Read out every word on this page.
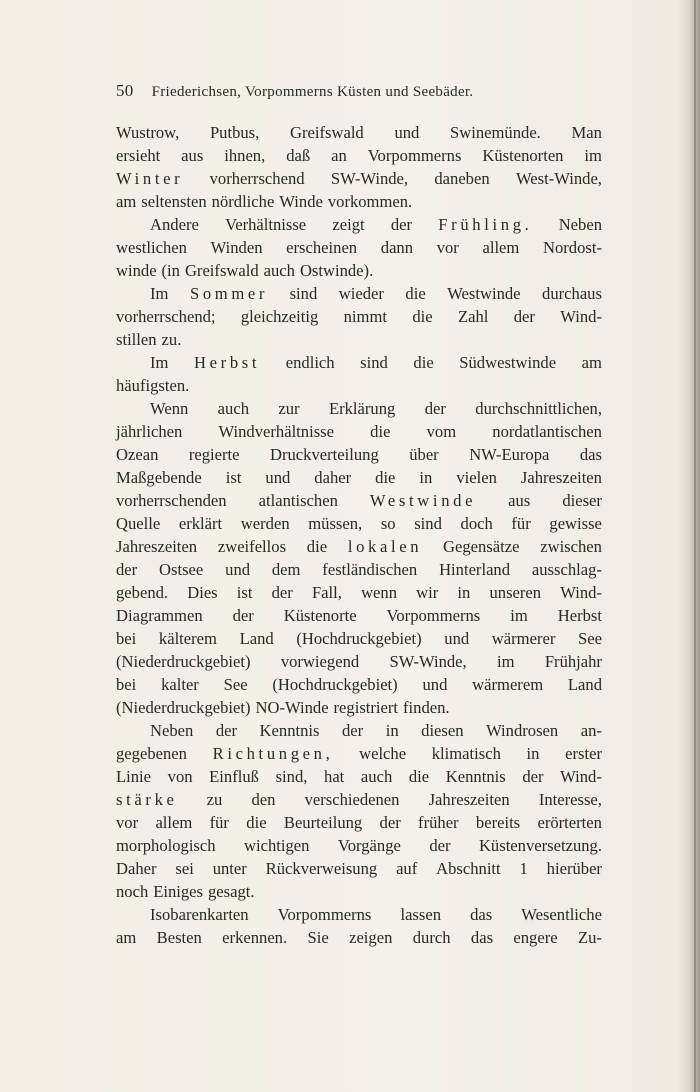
50 Friederichsen, Vorpommerns Küsten und Seebäder.
Wustrow, Putbus, Greifswald und Swinemünde. Man
ersieht aus ihnen, daß an Vorpommerns Küstenorten im
Winter vorherrschend SW-Winde, daneben West-Winde,
am seltensten nördliche Winde vorkommen.
Andere Verhältnisse zeigt der Frühling. Neben
westlichen Winden erscheinen dann vor allem Nordost-
winde (in Greifswald auch Ostwinde).
Im Sommer sind wieder die Westwinde durchaus
vorherrschend; gleichzeitig nimmt die Zahl der Wind-
stillen zu.
Im Herbst endlich sind die Südwestwinde am
häufigsten.
Wenn auch zur Erklärung der durchschnittlichen,
jährlichen Windverhältnisse die vom nordatlantischen
Ozean regierte Druckverteilung über NW-Europa das
Maßgebende ist und daher die in vielen Jahreszeiten
vorherrschenden atlantischen Westwinde aus dieser
Quelle erklärt werden müssen, so sind doch für gewisse
Jahreszeiten zweifellos die lokalen Gegensätze zwischen
der Ostsee und dem festländischen Hinterland ausschlag-
gebend. Dies ist der Fall, wenn wir in unseren Wind-
Diagrammen der Küstenorte Vorpommerns im Herbst
bei kälterem Land (Hochdruckgebiet) und wärmerer See
(Niederdruckgebiet) vorwiegend SW-Winde, im Frühjahr
bei kalter See (Hochdruckgebiet) und wärmerem Land
(Niederdruckgebiet) NO-Winde registriert finden.
Neben der Kenntnis der in diesen Windrosen an-
gegebenen Richtungen, welche klimatisch in erster
Linie von Einfluß sind, hat auch die Kenntnis der Wind-
stärke zu den verschiedenen Jahreszeiten Interesse,
vor allem für die Beurteilung der früher bereits erörterten
morphologisch wichtigen Vorgänge der Küstenversetzung.
Daher sei unter Rückverweisung auf Abschnitt 1 hierüber
noch Einiges gesagt.
Isobarenkarten Vorpommerns lassen das Wesentliche
am Besten erkennen. Sie zeigen durch das engere Zu-
